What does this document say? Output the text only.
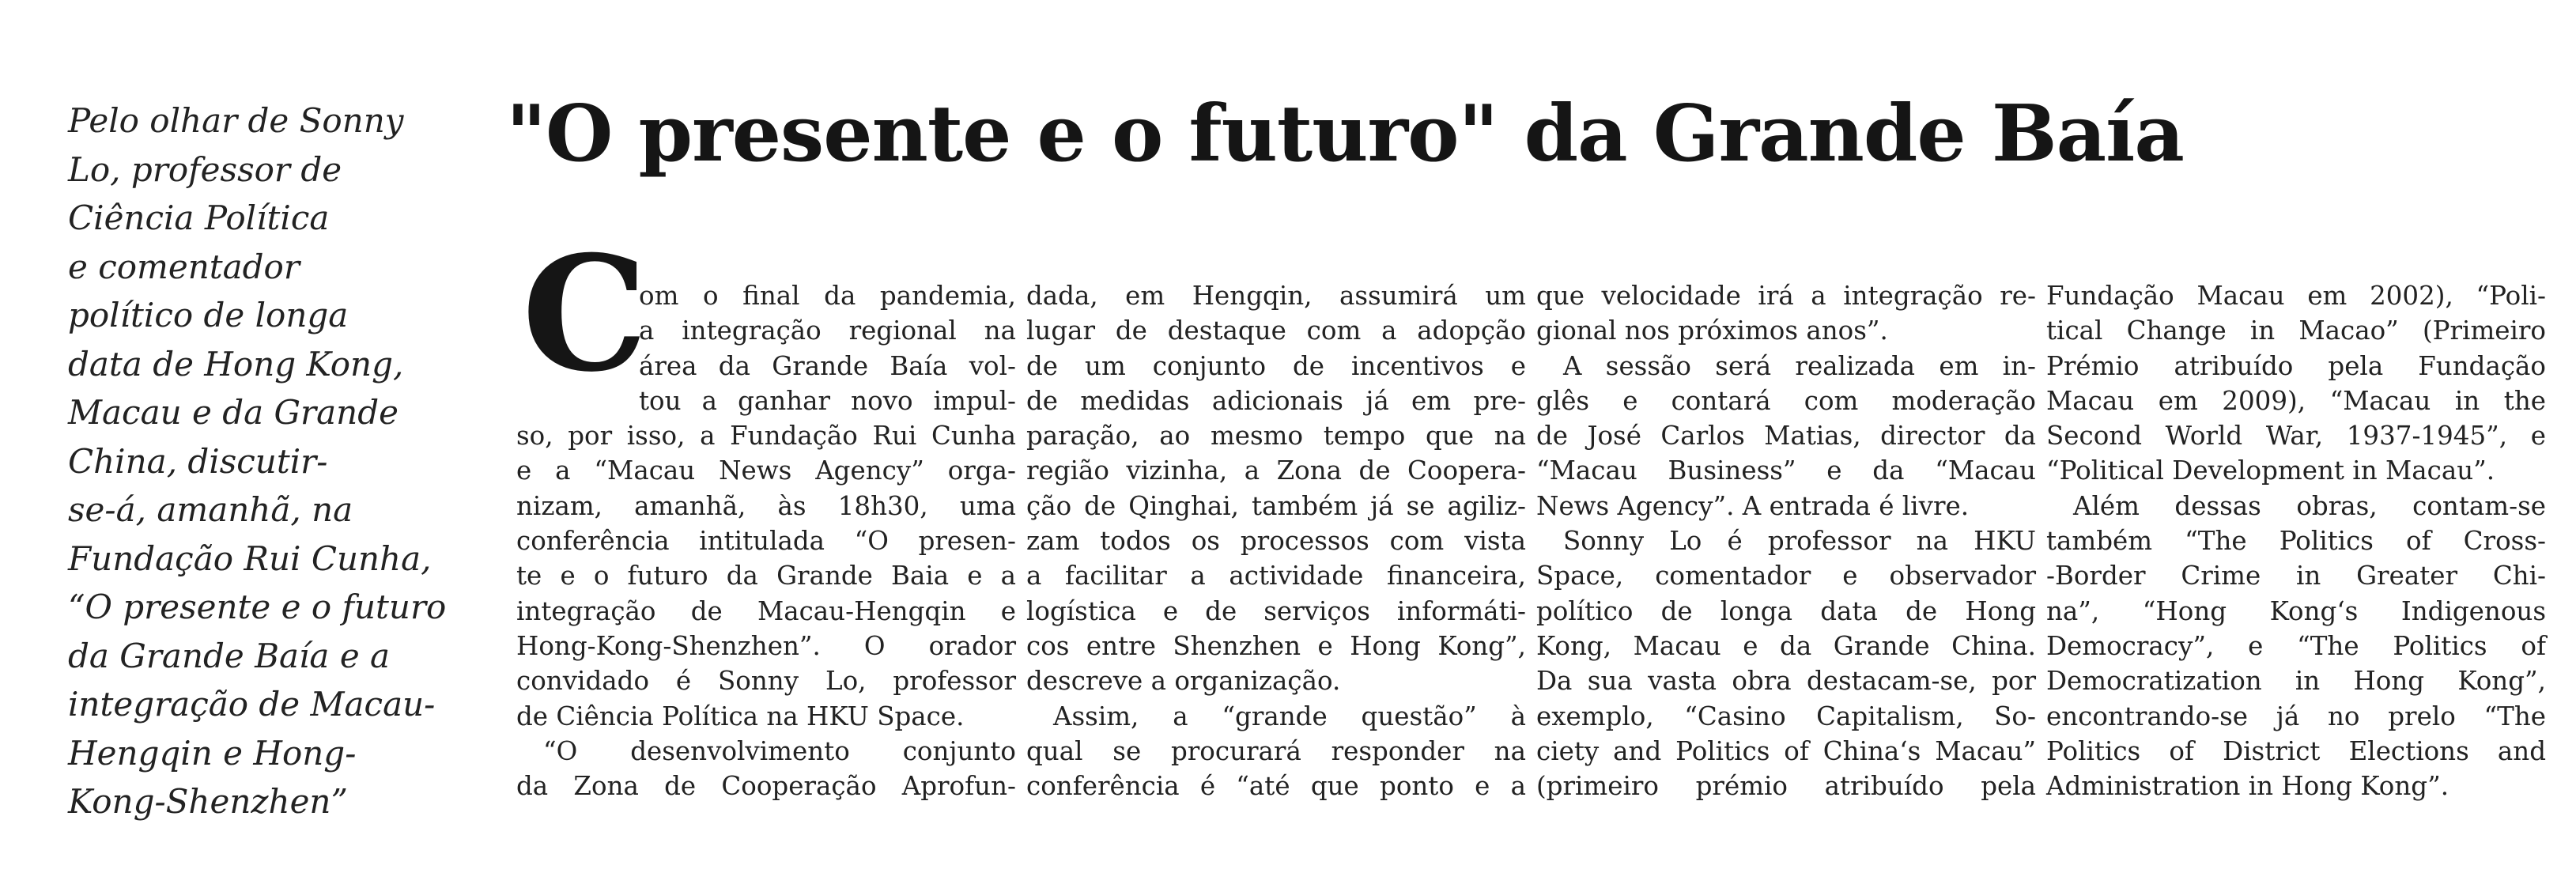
Pelo olhar de Sonny
Lo, professor de
Ciência Política
e comentador
político de longa
data de Hong Kong,
Macau e da Grande
China, discutir-
se-á, amanhã, na
Fundação Rui Cunha,
“O presente e o futuro
da Grande Baía e a
integração de Macau-
Hengqin e Hong-
Kong-Shenzhen”
"O presente e o futuro" da Grande Baía
C
om o final da pandemia,
a integração regional na
área da Grande Baía vol-
tou a ganhar novo impul-
so, por isso, a Fundação Rui Cunha
e a “Macau News Agency” orga-
nizam, amanhã, às 18h30, uma
conferência intitulada “O presen-
te e o futuro da Grande Baia e a
integração de Macau-Hengqin e
Hong-Kong-Shenzhen”. O orador
convidado é Sonny Lo, professor
de Ciência Política na HKU Space.
“O desenvolvimento conjunto
da Zona de Cooperação Aprofun-
dada, em Hengqin, assumirá um
lugar de destaque com a adopção
de um conjunto de incentivos e
de medidas adicionais já em pre-
paração, ao mesmo tempo que na
região vizinha, a Zona de Coopera-
ção de Qinghai, também já se agiliz-
zam todos os processos com vista
a facilitar a actividade financeira,
logística e de serviços informáti-
cos entre Shenzhen e Hong Kong”,
descreve a organização.
Assim, a “grande questão” à
qual se procurará responder na
conferência é “até que ponto e a
que velocidade irá a integração re-
gional nos próximos anos”.
A sessão será realizada em in-
glês e contará com moderação
de José Carlos Matias, director da
“Macau Business” e da “Macau
News Agency”. A entrada é livre.
Sonny Lo é professor na HKU
Space, comentador e observador
político de longa data de Hong
Kong, Macau e da Grande China.
Da sua vasta obra destacam-se, por
exemplo, “Casino Capitalism, So-
ciety and Politics of China‘s Macau”
(primeiro prémio atribuído pela
Fundação Macau em 2002), “Poli-
tical Change in Macao” (Primeiro
Prémio atribuído pela Fundação
Macau em 2009), “Macau in the
Second World War, 1937-1945”, e
“Political Development in Macau”.
Além dessas obras, contam-se
também “The Politics of Cross-
-Border Crime in Greater Chi-
na”, “Hong Kong‘s Indigenous
Democracy”, e “The Politics of
Democratization in Hong Kong”,
encontrando-se já no prelo “The
Politics of District Elections and
Administration in Hong Kong”.
